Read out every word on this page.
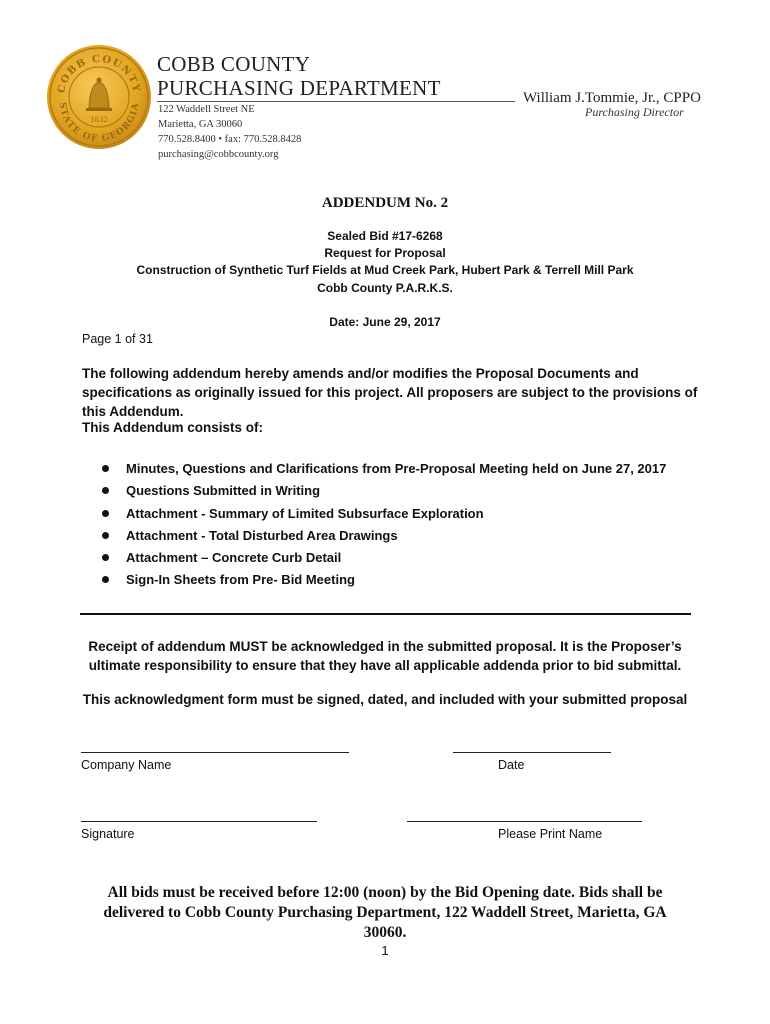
COBB COUNTY
STATE OF GEORGIA
1832
COBB COUNTY
PURCHASING DEPARTMENT	William J.Tommie, Jr., CPPO
Purchasing Director
122 Waddell Street NE
Marietta, GA 30060
770.528.8400 • fax: 770.528.8428
purchasing@cobbcounty.org
ADDENDUM No. 2
Sealed Bid #17-6268
Request for Proposal
Construction of Synthetic Turf Fields at Mud Creek Park, Hubert Park & Terrell Mill Park
Cobb County P.A.R.K.S.
Date: June 29, 2017
Page 1 of 31
The following addendum hereby amends and/or modifies the Proposal Documents and specifications as originally issued for this project. All proposers are subject to the provisions of this Addendum.
This Addendum consists of:
Minutes, Questions and Clarifications from Pre-Proposal Meeting held on June 27, 2017
Questions Submitted in Writing
Attachment - Summary of Limited Subsurface Exploration
Attachment - Total Disturbed Area Drawings
Attachment – Concrete Curb Detail
Sign-In Sheets from Pre- Bid Meeting
Receipt of addendum MUST be acknowledged in the submitted proposal. It is the Proposer’s ultimate responsibility to ensure that they have all applicable addenda prior to bid submittal.
This acknowledgment form must be signed, dated, and included with your submitted proposal
Company Name	Date
Signature	Please Print Name
All bids must be received before 12:00 (noon) by the Bid Opening date. Bids shall be delivered to Cobb County Purchasing Department, 122 Waddell Street, Marietta, GA 30060.
1
